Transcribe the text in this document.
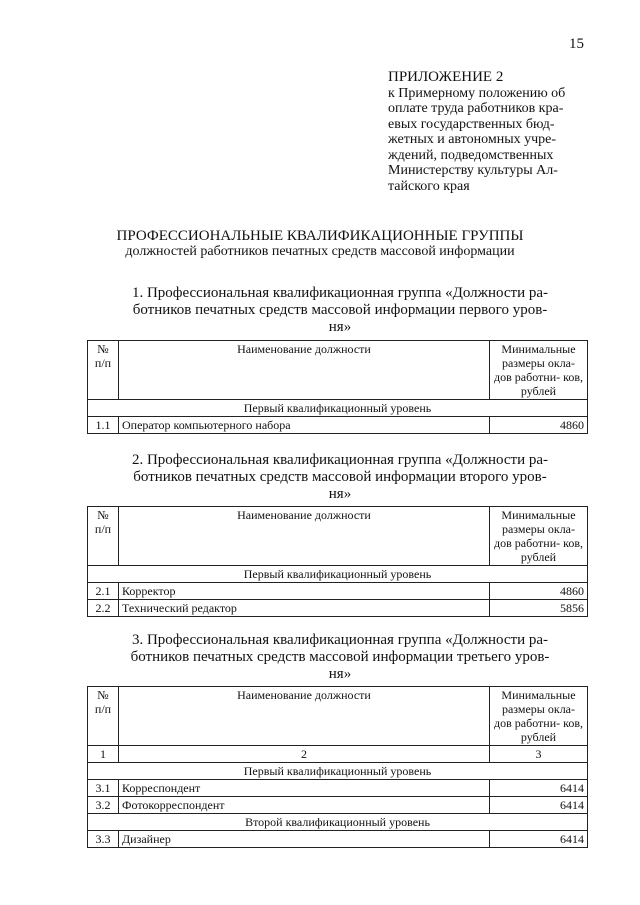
15
ПРИЛОЖЕНИЕ 2
к Примерному положению об
оплате труда работников кра-
евых государственных бюд-
жетных и автономных учре-
ждений, подведомственных
Министерству культуры Ал-
тайского края
ПРОФЕССИОНАЛЬНЫЕ КВАЛИФИКАЦИОННЫЕ ГРУППЫ
должностей работников печатных средств массовой информации
1. Профессиональная квалификационная группа «Должности ра-
ботников печатных средств массовой информации первого уров-
ня»
№ п/п	Наименование должности	Минимальные размеры окла- дов работни- ков, рублей
Первый квалификационный уровень		
1.1	Оператор компьютерного набора	4860
2. Профессиональная квалификационная группа «Должности ра-
ботников печатных средств массовой информации второго уров-
ня»
№ п/п	Наименование должности	Минимальные размеры окла- дов работни- ков, рублей
Первый квалификационный уровень		
2.1	Корректор	4860
2.2	Технический редактор	5856
3. Профессиональная квалификационная группа «Должности ра-
ботников печатных средств массовой информации третьего уров-
ня»
№ п/п	Наименование должности	Минимальные размеры окла- дов работни- ков, рублей
1	2	3
Первый квалификационный уровень		
3.1	Корреспондент	6414
3.2	Фотокорреспондент	6414
Второй квалификационный уровень		
3.3	Дизайнер	6414
